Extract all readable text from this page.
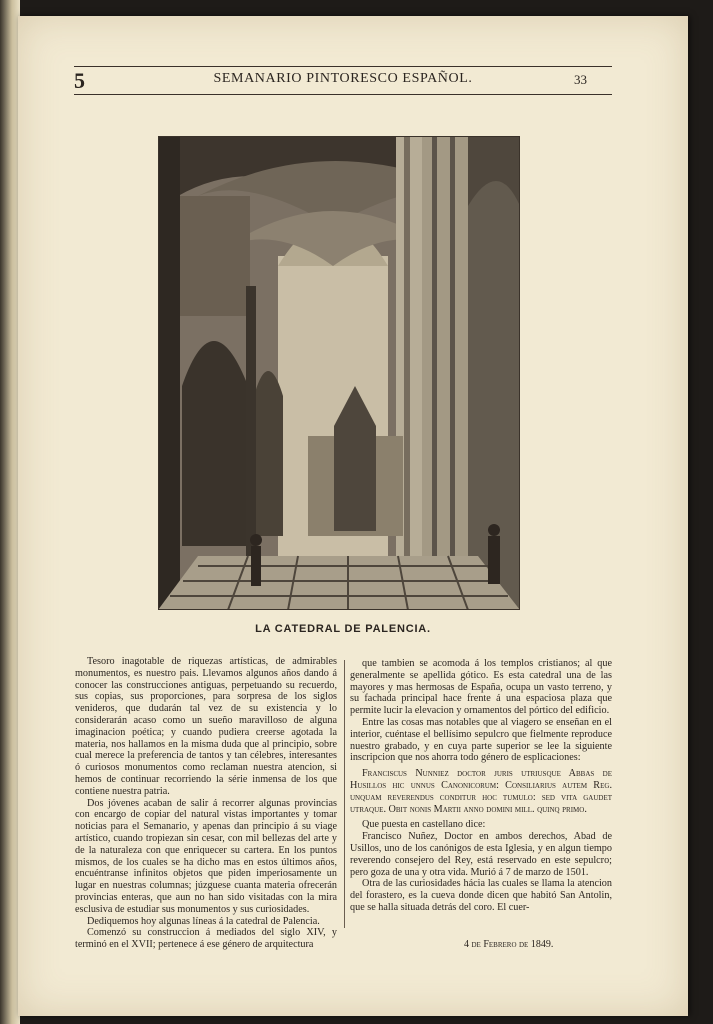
5	SEMANARIO PINTORESCO ESPAÑOL.	33
LA CATEDRAL DE PALENCIA.

Tesoro inagotable de riquezas artísticas, de admirables monumentos, es nuestro pais. Llevamos algunos años dando á conocer las construcciones antiguas, perpetuando su recuerdo, sus copias, sus proporciones, para sorpresa de los siglos venideros, que dudarán tal vez de su existencia y lo considerarán acaso como un sueño maravilloso de alguna imaginacion poética; y cuando pudiera creerse agotada la materia, nos hallamos en la misma duda que al principio, sobre cual merece la preferencia de tantos y tan célebres, interesantes ó curiosos monumentos como reclaman nuestra atencion, si hemos de continuar recorriendo la série inmensa de los que contiene nuestra patria.

Dos jóvenes acaban de salir á recorrer algunas provincias con encargo de copiar del natural vistas importantes y tomar noticias para el Semanario, y apenas dan principio á su viage artístico, cuando tropiezan sin cesar, con mil bellezas del arte y de la naturaleza con que enriquecer su cartera. En los puntos mismos, de los cuales se ha dicho mas en estos últimos años, encuéntranse infinitos objetos que piden imperiosamente un lugar en nuestras columnas; júzguese cuanta materia ofrecerán provincias enteras, que aun no han sido visitadas con la mira esclusiva de estudiar sus monumentos y sus curiosidades.

Dediquemos hoy algunas líneas á la catedral de Palencia.

Comenzó su construccion á mediados del siglo XIV, y terminó en el XVII; pertenece á ese género de arquitectura

que tambien se acomoda á los templos cristianos; al que generalmente se apellida gótico. Es esta catedral una de las mayores y mas hermosas de España, ocupa un vasto terreno, y su fachada principal hace frente á una espaciosa plaza que permite lucir la elevacion y ornamentos del pórtico del edificio.

Entre las cosas mas notables que al viagero se enseñan en el interior, cuéntase el bellísimo sepulcro que fielmente reproduce nuestro grabado, y en cuya parte superior se lee la siguiente inscripcion que nos ahorra todo género de esplicaciones:

Franciscus Nunniez doctor juris utriusque Abbas de Husillos hic unnus Canonicorum: Consiliarius autem Reg. unquam reverendus conditur hoc tumulo: sed vita gaudet utraque. Obit nonis Martii anno domini mill. quinq primo.

Que puesta en castellano dice:

Francisco Nuñez, Doctor en ambos derechos, Abad de Usillos, uno de los canónigos de esta Iglesia, y en algun tiempo reverendo consejero del Rey, está reservado en este sepulcro; pero goza de una y otra vida. Murió á 7 de marzo de 1501.

Otra de las curiosidades hácia las cuales se llama la atencion del forastero, es la cueva donde dicen que habitó San Antolin, que se halla situada detrás del coro. El cuer-

4 de Febrero de 1849.
